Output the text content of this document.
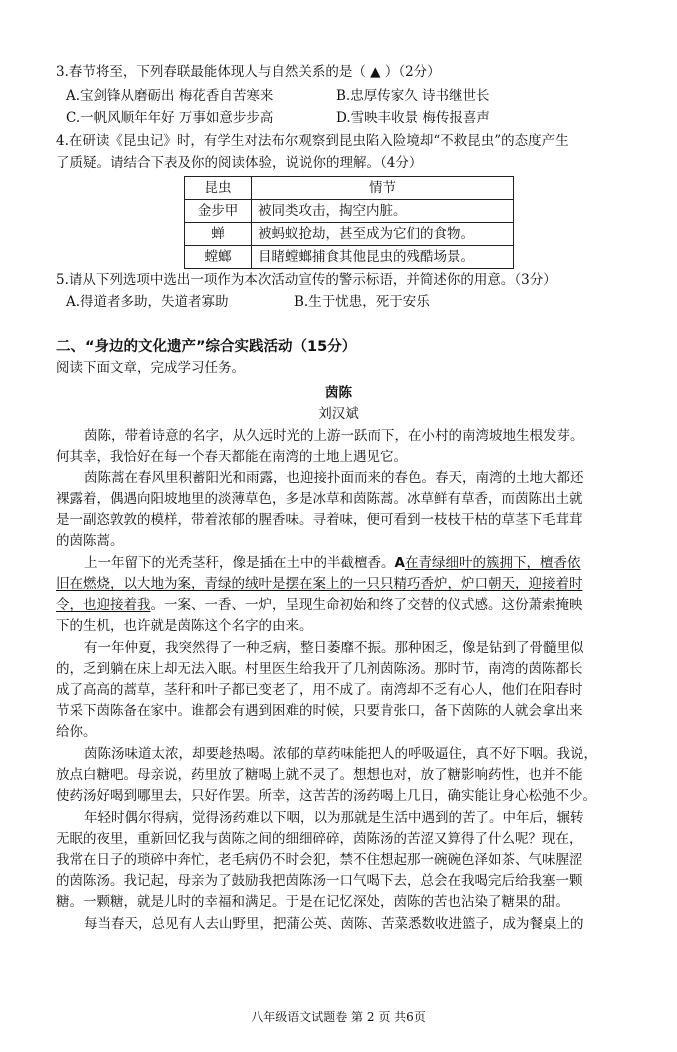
3.春节将至，下列春联最能体现人与自然关系的是（ ▲ ）（2分）
A.宝剑锋从磨砺出 梅花香自苦寒来	B.忠厚传家久 诗书继世长
C.一帆风顺年年好 万事如意步步高	D.雪映丰收景 梅传报喜声
4.在研读《昆虫记》时，有学生对法布尔观察到昆虫陷入险境却“不救昆虫”的态度产生
了质疑。请结合下表及你的阅读体验，说说你的理解。（4分）
昆虫	情节
金步甲	被同类攻击，掏空内脏。
蝉	被蚂蚁抢劫，甚至成为它们的食物。
螳螂	目睹螳螂捕食其他昆虫的残酷场景。
5.请从下列选项中选出一项作为本次活动宣传的警示标语，并简述你的用意。（3分）
A.得道者多助，失道者寡助	B.生于忧患，死于安乐
二、“身边的文化遗产”综合实践活动（15分）
阅读下面文章，完成学习任务。
茵陈
刘汉斌
茵陈，带着诗意的名字，从久远时光的上游一跃而下，在小村的南湾坡地生根发芽。
何其幸，我恰好在每一个春天都能在南湾的土地上遇见它。
茵陈蒿在春风里积蓄阳光和雨露，也迎接扑面而来的春色。春天，南湾的土地大都还
裸露着，偶遇向阳坡地里的淡薄草色，多是冰草和茵陈蒿。冰草鲜有草香，而茵陈出土就
是一副恣敦敦的模样，带着浓郁的腥香味。寻着味，便可看到一枝枝干枯的草茎下毛茸茸
的茵陈蒿。
上一年留下的光秃茎秆，像是插在土中的半截檀香。A在青绿细叶的簇拥下，檀香依
旧在燃烧，以大地为案，青绿的绒叶是摆在案上的一只只精巧香炉，炉口朝天，迎接着时
令，也迎接着我。一案、一香、一炉，呈现生命初始和终了交替的仪式感。这份萧索掩映
下的生机，也许就是茵陈这个名字的由来。
有一年仲夏，我突然得了一种乏病，整日萎靡不振。那种困乏，像是钻到了骨髓里似
的，乏到躺在床上却无法入眠。村里医生给我开了几剂茵陈汤。那时节，南湾的茵陈都长
成了高高的蒿草，茎秆和叶子都已变老了，用不成了。南湾却不乏有心人，他们在阳春时
节采下茵陈备在家中。谁都会有遇到困难的时候，只要肯张口，备下茵陈的人就会拿出来
给你。
茵陈汤味道太浓，却要趁热喝。浓郁的草药味能把人的呼吸逼住，真不好下咽。我说，
放点白糖吧。母亲说，药里放了糖喝上就不灵了。想想也对，放了糖影响药性，也并不能
使药汤好喝到哪里去，只好作罢。所幸，这苦苦的汤药喝上几日，确实能让身心松弛不少。
年轻时偶尔得病，觉得汤药难以下咽，以为那就是生活中遇到的苦了。中年后，辗转
无眠的夜里，重新回忆我与茵陈之间的细细碎碎，茵陈汤的苦涩又算得了什么呢？现在，
我常在日子的琐碎中奔忙，老毛病仍不时会犯，禁不住想起那一碗碗色泽如茶、气味腥涩
的茵陈汤。我记起，母亲为了鼓励我把茵陈汤一口气喝下去，总会在我喝完后给我塞一颗
糖。一颗糖，就是儿时的幸福和满足。于是在记忆深处，茵陈的苦也沾染了糖果的甜。
每当春天，总见有人去山野里，把蒲公英、茵陈、苦菜悉数收进篮子，成为餐桌上的
八年级语文试题卷 第 2 页 共6页
